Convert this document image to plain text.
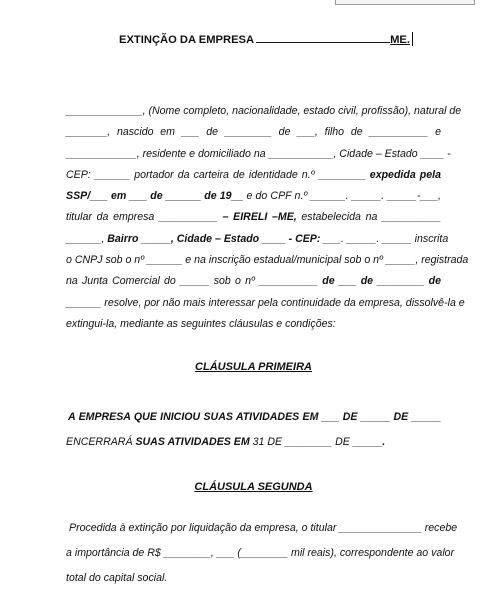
EXTINÇÃO DA EMPRESA	ME.
_____________, (Nome completo, nacionalidade, estado civil, profissão), natural de
_______, nascido em ___ de ________ de ___, filho de __________ e
____________, residente e domiciliado na ___________, Cidade – Estado ____ -
CEP: ______ portador da carteira de identidade n.º ________ expedida pela
SSP/___ em ___ de ______ de 19__ e do CPF n.º ______. _____. _____-___,
titular da empresa __________ – EIRELI –ME, estabelecida na __________
______, Bairro _____, Cidade – Estado ____ - CEP: ___. _____. _____ inscrita
o CNPJ sob o nº ______ e na inscrição estadual/municipal sob o nº _____, registrada
na Junta Comercial do _____ sob o nº __________ de ___ de ________ de
______ resolve, por não mais interessar pela continuidade da empresa, dissolvê-la e
extingui-la, mediante as seguintes cláusulas e condições:
CLÁUSULA PRIMEIRA
A EMPRESA QUE INICIOU SUAS ATIVIDADES EM ___ DE _____ DE _____
ENCERRARÁ SUAS ATIVIDADES EM 31 DE ________ DE _____.
CLÁUSULA SEGUNDA
Procedida à extinção por liquidação da empresa, o titular ______________ recebe
a importância de R$ ________, ___ (________ mil reais), correspondente ao valor
total do capital social.
